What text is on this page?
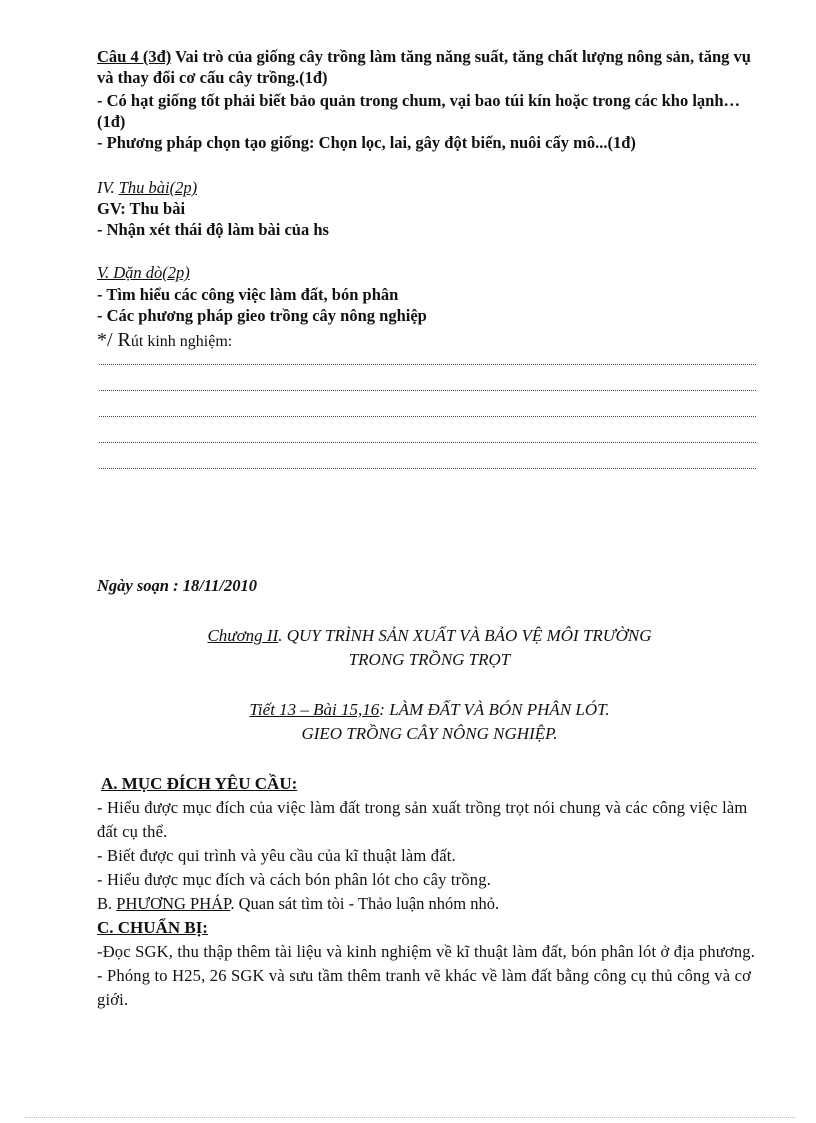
Câu 4 (3đ) Vai trò của giống cây trồng làm tăng năng suất, tăng chất lượng nông sản, tăng vụ và thay đổi cơ cấu cây trồng.(1đ)
- Có hạt giống tốt phải biết bảo quản trong chum, vại bao túi kín hoặc trong các kho lạnh… (1đ)
- Phương pháp chọn tạo giống: Chọn lọc, lai, gây đột biến, nuôi cấy mô...(1đ)
IV. Thu bài(2p)
GV: Thu bài
- Nhận xét thái độ làm bài của hs
V. Dặn dò(2p)
- Tìm hiểu các công việc làm đất, bón phân
- Các phương pháp gieo trồng cây nông nghiệp
*/ Rút kinh nghiệm:
Ngày soạn : 18/11/2010
Chương II. QUY TRÌNH SẢN XUẤT VÀ BẢO VỆ MÔI TRƯỜNG
TRONG TRỒNG TRỌT
Tiết 13 – Bài 15,16: LÀM ĐẤT VÀ BÓN PHÂN LÓT.
GIEO TRỒNG CÂY NÔNG NGHIỆP.
A. MỤC ĐÍCH YÊU CẦU:
- Hiểu được mục đích của việc làm đất trong sản xuất trồng trọt nói chung và các công việc làm đất cụ thể.
- Biết được qui trình và yêu cầu của kĩ thuật làm đất.
- Hiểu được mục đích và cách bón phân lót cho cây trồng.
B. PHƯƠNG PHÁP. Quan sát tìm tòi - Thảo luận nhóm nhỏ.
C. CHUẨN BỊ:
-Đọc SGK, thu thập thêm tài liệu và kinh nghiệm về kĩ thuật làm đất, bón phân lót ở địa phương.
- Phóng to H25, 26 SGK và sưu tầm thêm tranh vẽ khác về làm đất bằng công cụ thủ công và cơ giới.
